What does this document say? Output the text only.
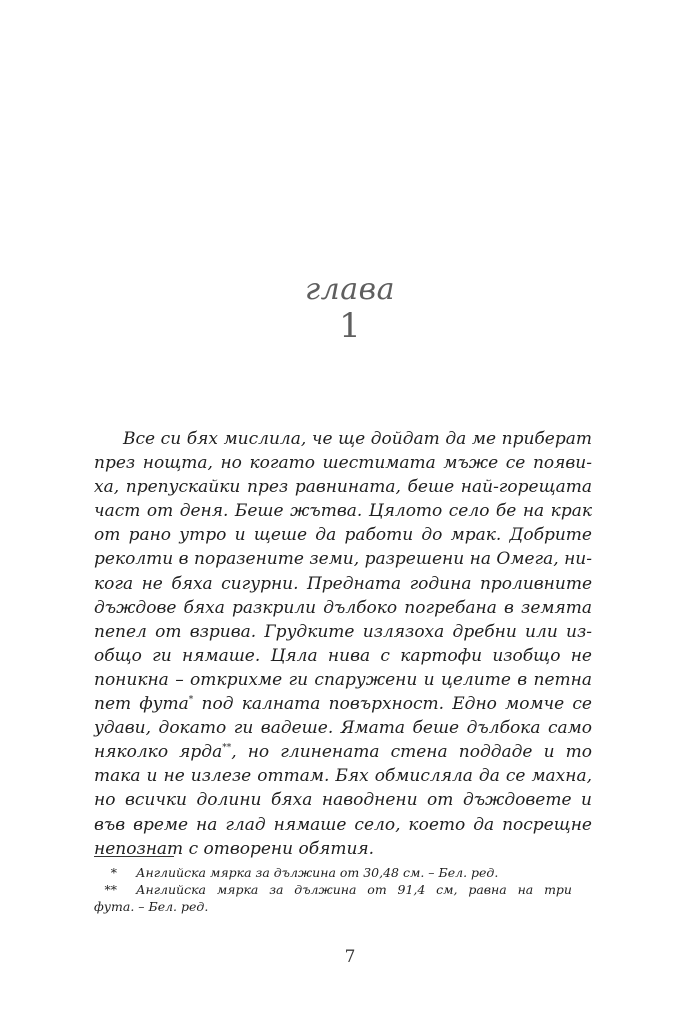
глава
1
Все си бях мислила, че ще дойдат да ме приберат
през нощта, но когато шестимата мъже се появи-
ха, препускайки през равнината, беше най-горещата
част от деня. Беше жътва. Цялото село бе на крак
от рано утро и щеше да работи до мрак. Добрите
реколти в поразените земи, разрешени на Омега, ни-
кога не бяха сигурни. Предната година проливните
дъждове бяха разкрили дълбоко погребана в земята
пепел от взрива. Грудките излязоха дребни или из-
общо ги нямаше. Цяла нива с картофи изобщо не
поникна – открихме ги спаружени и целите в петна
пет фута* под калната повърхност. Едно момче се
удави, докато ги вадеше. Ямата беше дълбока само
няколко ярда**, но глинената стена поддаде и то
така и не излезе оттам. Бях обмисляла да се махна,
но всички долини бяха наводнени от дъждовете и
във време на глад нямаше село, което да посрещне
непознат с отворени обятия.
* Английска мярка за дължина от 30,48 см. – Бел. ред.
** Английска мярка за дължина от 91,4 см, равна на три
фута. – Бел. ред.
7
